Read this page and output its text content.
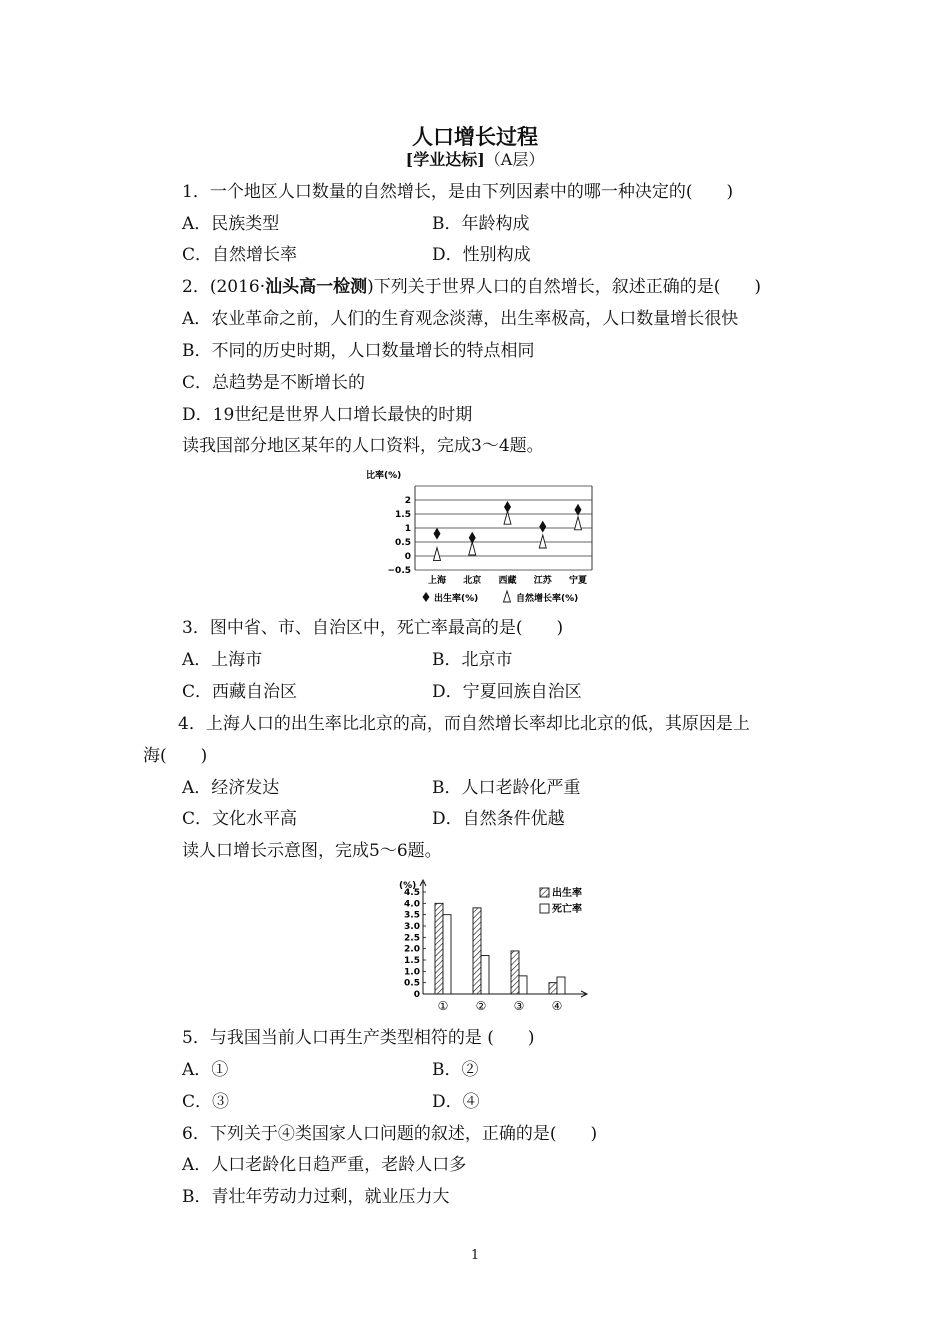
人口增长过程
[学业达标]（A层）
1．一个地区人口数量的自然增长，是由下列因素中的哪一种决定的(　　)
A．民族类型	B．年龄构成
C．自然增长率	D．性别构成
2．(2016·汕头高一检测)下列关于世界人口的自然增长，叙述正确的是(　　)
A．农业革命之前，人们的生育观念淡薄，出生率极高，人口数量增长很快
B．不同的历史时期，人口数量增长的特点相同
C．总趋势是不断增长的
D．19世纪是世界人口增长最快的时期
读我国部分地区某年的人口资料，完成3～4题。
比率(%)
2
1.5
1
0.5
0
−0.5
上海 北京 西藏 江苏 宁夏
出生率(%)	自然增长率(%)
3．图中省、市、自治区中，死亡率最高的是(　　)
A．上海市	B．北京市
C．西藏自治区	D．宁夏回族自治区
4．上海人口的出生率比北京的高，而自然增长率却比北京的低，其原因是上
海(　　)
A．经济发达	B．人口老龄化严重
C．文化水平高	D．自然条件优越
读人口增长示意图，完成5～6题。
(%)
4.5
4.0
3.5
3.0
2.5
2.0
1.5
1.0
0.5
0
① ② ③ ④
出生率
死亡率
5．与我国当前人口再生产类型相符的是 (　　)
A．①	B．②
C．③	D．④
6．下列关于④类国家人口问题的叙述，正确的是(　　)
A．人口老龄化日趋严重，老龄人口多
B．青壮年劳动力过剩，就业压力大
1
